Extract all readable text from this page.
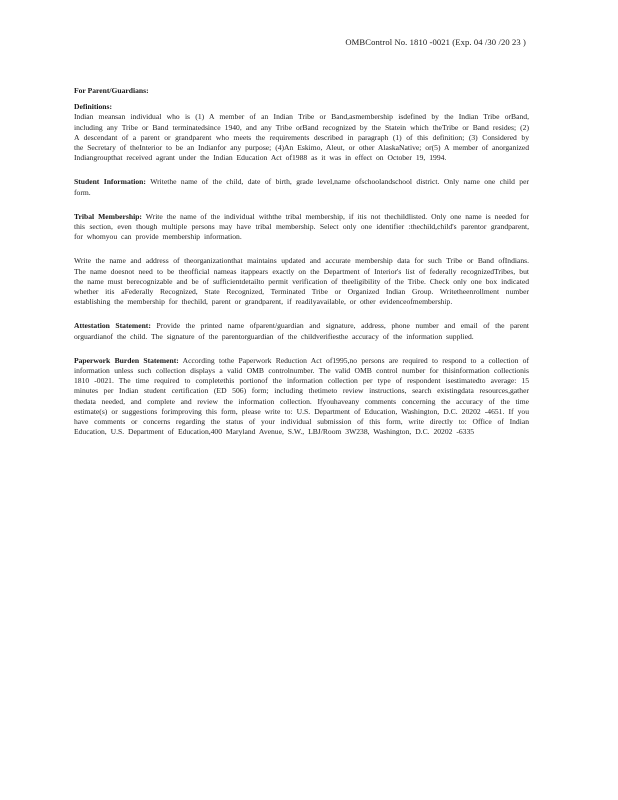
OMBControl No. 1810 -0021 (Exp. 04 /30 /20 23 )

For Parent/Guardians:

Definitions:

Indian meansan individual who is (1) A member of an Indian Tribe or Band,asmembership isdefined by the Indian Tribe orBand, including any Tribe or Band terminatedsince 1940, and any Tribe orBand recognized by the Statein which theTribe or Band resides; (2) A descendant of a parent or grandparent who meets the requirements described in paragraph (1) of this definition; (3) Considered by the Secretary of theInterior to be an Indianfor any purpose; (4)An Eskimo, Aleut, or other AlaskaNative; or(5) A member of anorganized Indiangroupthat received agrant under the Indian Education Act of1988 as it was in effect on October 19, 1994.

Student Information: Writethe name of the child, date of birth, grade level,name ofschoolandschool district. Only name one child per form.

Tribal Membership: Write the name of the individual withthe tribal membership, if itis not thechildlisted. Only one name is needed for this section, even though multiple persons may have tribal membership. Select only one identifier :thechild,child's parentor grandparent, for whomyou can provide membership information.

Write the name and address of theorganizationthat maintains updated and accurate membership data for such Tribe or Band ofIndians. The name doesnot need to be theofficial nameas itappears exactly on the Department of Interior's list of federally recognizedTribes, but the name must berecognizable and be of sufficientdetailto permit verification of theeligibility of the Tribe. Check only one box indicated whether itis aFederally Recognized, State Recognized, Terminated Tribe or Organized Indian Group. Writetheenrollment number establishing the membership for thechild, parent or grandparent, if readilyavailable, or other evidenceofmembership.

Attestation Statement: Provide the printed name ofparent/guardian and signature, address, phone number and email of the parent orguardianof the child. The signature of the parentorguardian of the childverifiesthe accuracy of the information supplied.

Paperwork Burden Statement: According tothe Paperwork Reduction Act of1995,no persons are required to respond to a collection of information unless such collection displays a valid OMB controlnumber. The valid OMB control number for thisinformation collectionis 1810 -0021. The time required to completethis portionof the information collection per type of respondent isestimatedto average: 15 minutes per Indian student certification (ED 506) form; including thetimeto review instructions, search existingdata resources,gather thedata needed, and complete and review the information collection. Ifyouhaveany comments concerning the accuracy of the time estimate(s) or suggestions forimproving this form, please write to: U.S. Department of Education, Washington, D.C. 20202 -4651. If you have comments or concerns regarding the status of your individual submission of this form, write directly to: Office of Indian Education, U.S. Department of Education,400 Maryland Avenue, S.W., LBJ/Room 3W238, Washington, D.C. 20202 -6335
